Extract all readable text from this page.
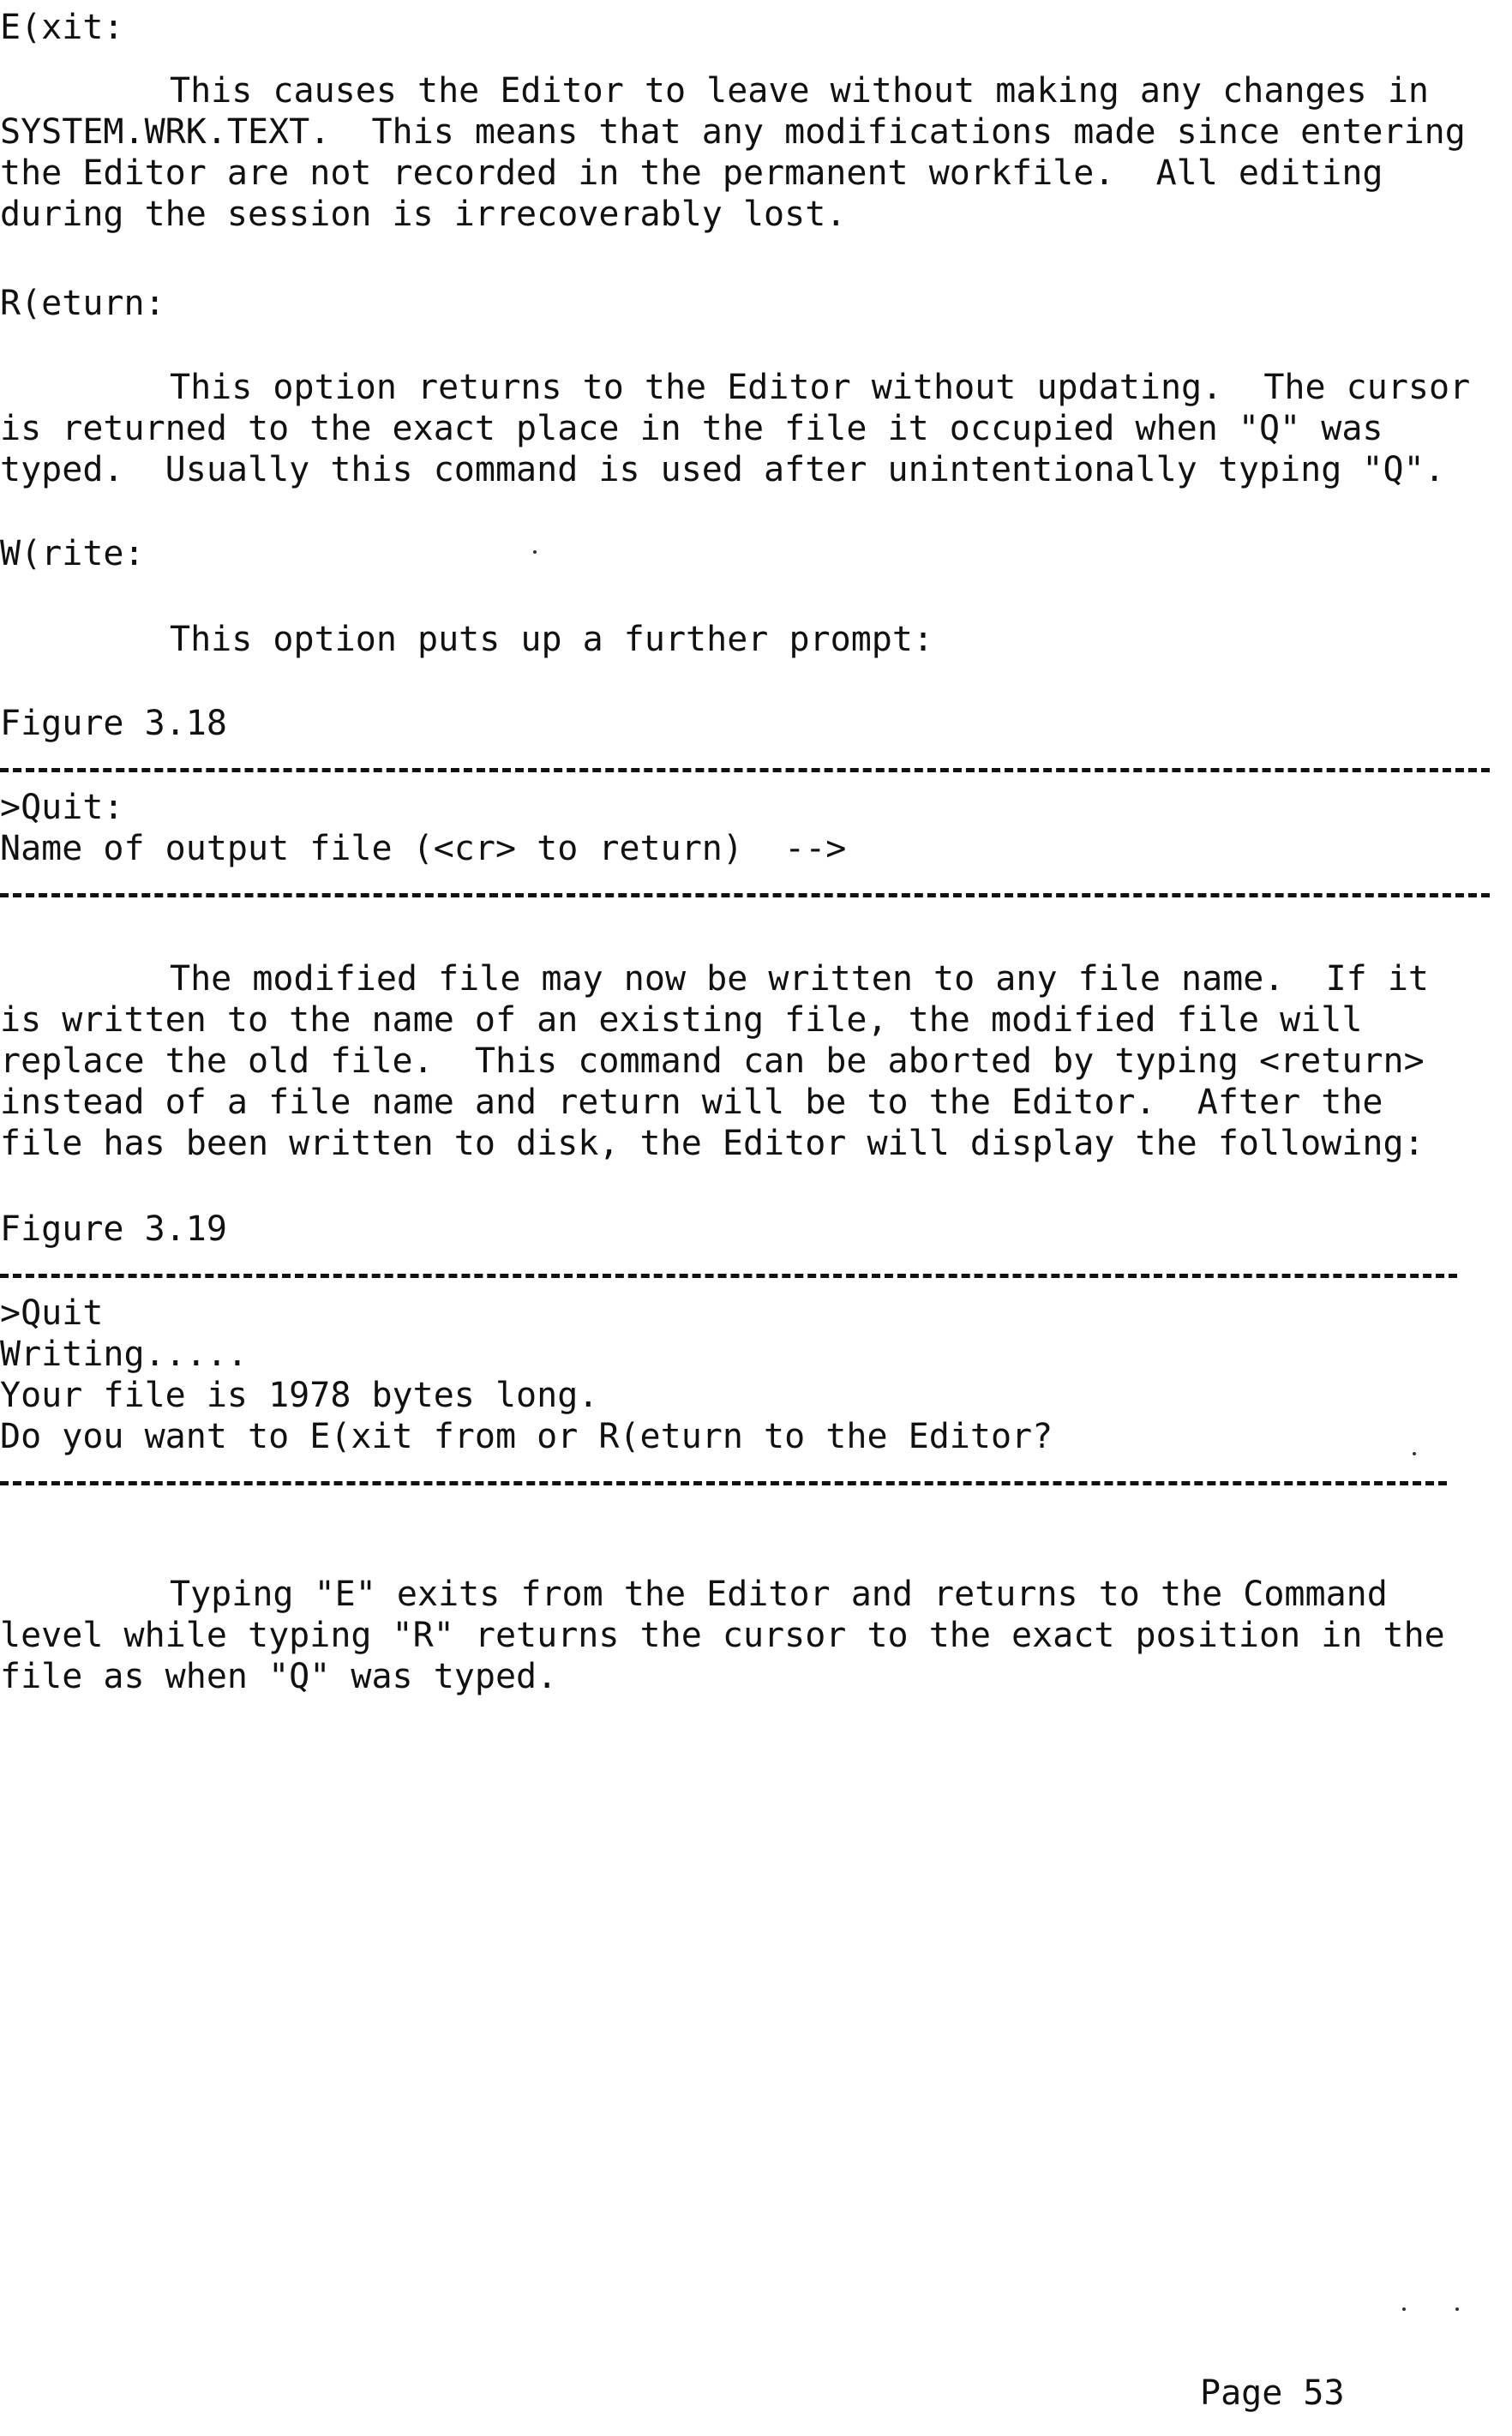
E(xit:
This causes the Editor to leave without making any changes in
SYSTEM.WRK.TEXT.  This means that any modifications made since entering
the Editor are not recorded in the permanent workfile.  All editing
during the session is irrecoverably lost.
R(eturn:
This option returns to the Editor without updating.  The cursor
is returned to the exact place in the file it occupied when "Q" was
typed.  Usually this command is used after unintentionally typing "Q".
W(rite:
This option puts up a further prompt:
Figure 3.18
>Quit:
Name of output file (<cr> to return)  -->
The modified file may now be written to any file name.  If it
is written to the name of an existing file, the modified file will
replace the old file.  This command can be aborted by typing <return>
instead of a file name and return will be to the Editor.  After the
file has been written to disk, the Editor will display the following:
Figure 3.19
>Quit
Writing.....
Your file is 1978 bytes long.
Do you want to E(xit from or R(eturn to the Editor?
Typing "E" exits from the Editor and returns to the Command
level while typing "R" returns the cursor to the exact position in the
file as when "Q" was typed.
Page 53
